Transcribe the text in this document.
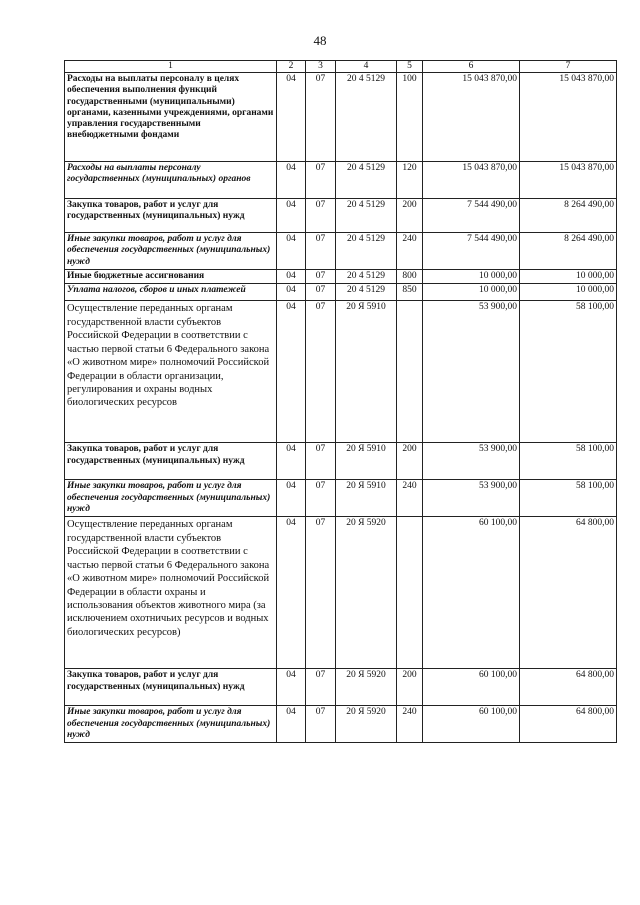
48
1	2	3	4	5	6	7
Расходы на выплаты персоналу в целях обеспечения выполнения функций государственными (муниципальными) органами, казенными учреждениями, органами управления государственными внебюджетными фондами	04	07	20 4 5129	100	15 043 870,00	15 043 870,00
Расходы на выплаты персоналу государственных (муниципальных) органов	04	07	20 4 5129	120	15 043 870,00	15 043 870,00
Закупка товаров, работ и услуг для государственных (муниципальных) нужд	04	07	20 4 5129	200	7 544 490,00	8 264 490,00
Иные закупки товаров, работ и услуг для обеспечения государственных (муниципальных) нужд	04	07	20 4 5129	240	7 544 490,00	8 264 490,00
Иные бюджетные ассигнования	04	07	20 4 5129	800	10 000,00	10 000,00
Уплата налогов, сборов и иных платежей	04	07	20 4 5129	850	10 000,00	10 000,00
Осуществление переданных органам государственной власти субъектов Российской Федерации в соответствии с частью первой статьи 6 Федерального закона «О животном мире» полномочий Российской Федерации в области организации, регулирования и охраны водных биологических ресурсов	04	07	20 Я 5910		53 900,00	58 100,00
Закупка товаров, работ и услуг для государственных (муниципальных) нужд	04	07	20 Я 5910	200	53 900,00	58 100,00
Иные закупки товаров, работ и услуг для обеспечения государственных (муниципальных) нужд	04	07	20 Я 5910	240	53 900,00	58 100,00
Осуществление переданных органам государственной власти субъектов Российской Федерации в соответствии с частью первой статьи 6 Федерального закона «О животном мире» полномочий Российской Федерации в области охраны и использования объектов животного мира (за исключением охотничьих ресурсов и водных биологических ресурсов)	04	07	20 Я 5920		60 100,00	64 800,00
Закупка товаров, работ и услуг для государственных (муниципальных) нужд	04	07	20 Я 5920	200	60 100,00	64 800,00
Иные закупки товаров, работ и услуг для обеспечения государственных (муниципальных) нужд	04	07	20 Я 5920	240	60 100,00	64 800,00
